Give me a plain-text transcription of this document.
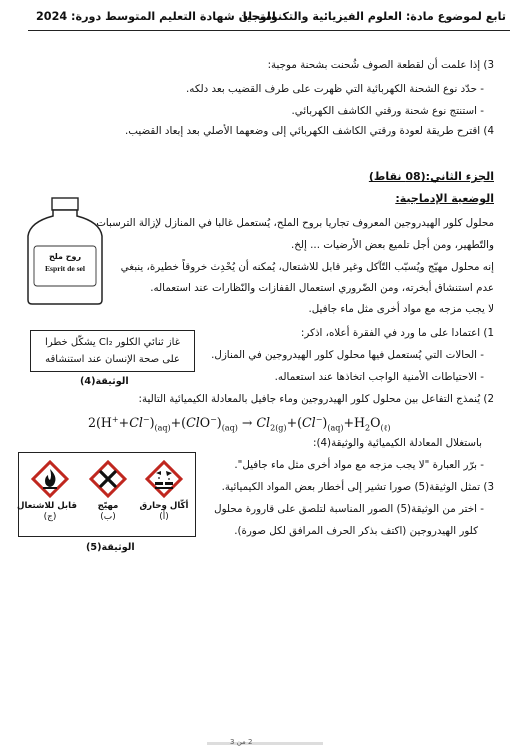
تابع لموضوع مادة: العلوم الفيزيائية والتكنولوجيا
امتحان شهادة التعليم المتوسط دورة: 2024
3) إذا علمت أن لقطعة الصوف شُحنت بشحنة موجبة:
- حدّد نوع الشحنة الكهربائية التي ظهرت على طرف القضيب بعد دلكه.
- استنتج نوع شحنة ورقتي الكاشف الكهربائي.
4) اقترح طريقة لعودة ورقتي الكاشف الكهربائي إلى وضعهما الأصلي بعد إبعاد القضيب.
الجزء الثاني:(08 نقاط)
الوضعية الإدماجية:
محلول كلور الهيدروجين المعروف تجاريا بروح الملح، يُستعمل غالبا في المنازل لإزالة الترسبات
والتّطهير، ومن أجل تلميع بعض الأرضيات ... إلخ.
إنه محلول مهيّج ويُسبّب التّآكل وغير قابل للاشتعال، يُمكنه أن يُحْدِث خروقاً خطيرة، ينبغي
عدم استنشاق أبخرته، ومن الضّروري استعمال القفازات والنّظارات عند استعماله.
لا يجب مزجه مع مواد أخرى مثل ماء جافيل.
روح ملح
Esprit de sel
1) اعتمادا على ما ورد في الفقرة أعلاه، اذكر:
- الحالات التي يُستعمل فيها محلول كلور الهيدروجين في المنازل.
- الاحتياطات الأمنية الواجب اتخاذها عند استعماله.
2) يُنمذج التفاعل بين محلول كلور الهيدروجين وماء جافيل بالمعادلة الكيميائية التالية:
غاز ثنائي الكلور Cl₂ يشكّل خطرا
على صحة الإنسان عند استنشاقه
الوثيقة(4)
$2(H^++Cl^-)_{(aq)}+(ClO^-)_{(aq)} \to Cl_{2(g)}+(Cl^-)_{(aq)}+H_2O_{(\ell)}$
باستغلال المعادلة الكيميائية والوثيقة(4):
- برّر العبارة "لا يجب مزجه مع مواد أخرى مثل ماء جافيل".
3) تمثل الوثيقة(5) صورا تشير إلى أخطار بعض المواد الكيميائية.
- اختر من الوثيقة(5) الصور المناسبة لتلصق على قارورة محلول
كلور الهيدروجين (اكتف بذكر الحرف المرافق لكل صورة).
قابل للاشتعال
(ج)
مهيّج
(ب)
أكّال وحارق
(أ)
الوثيقة(5)
2 من 3
